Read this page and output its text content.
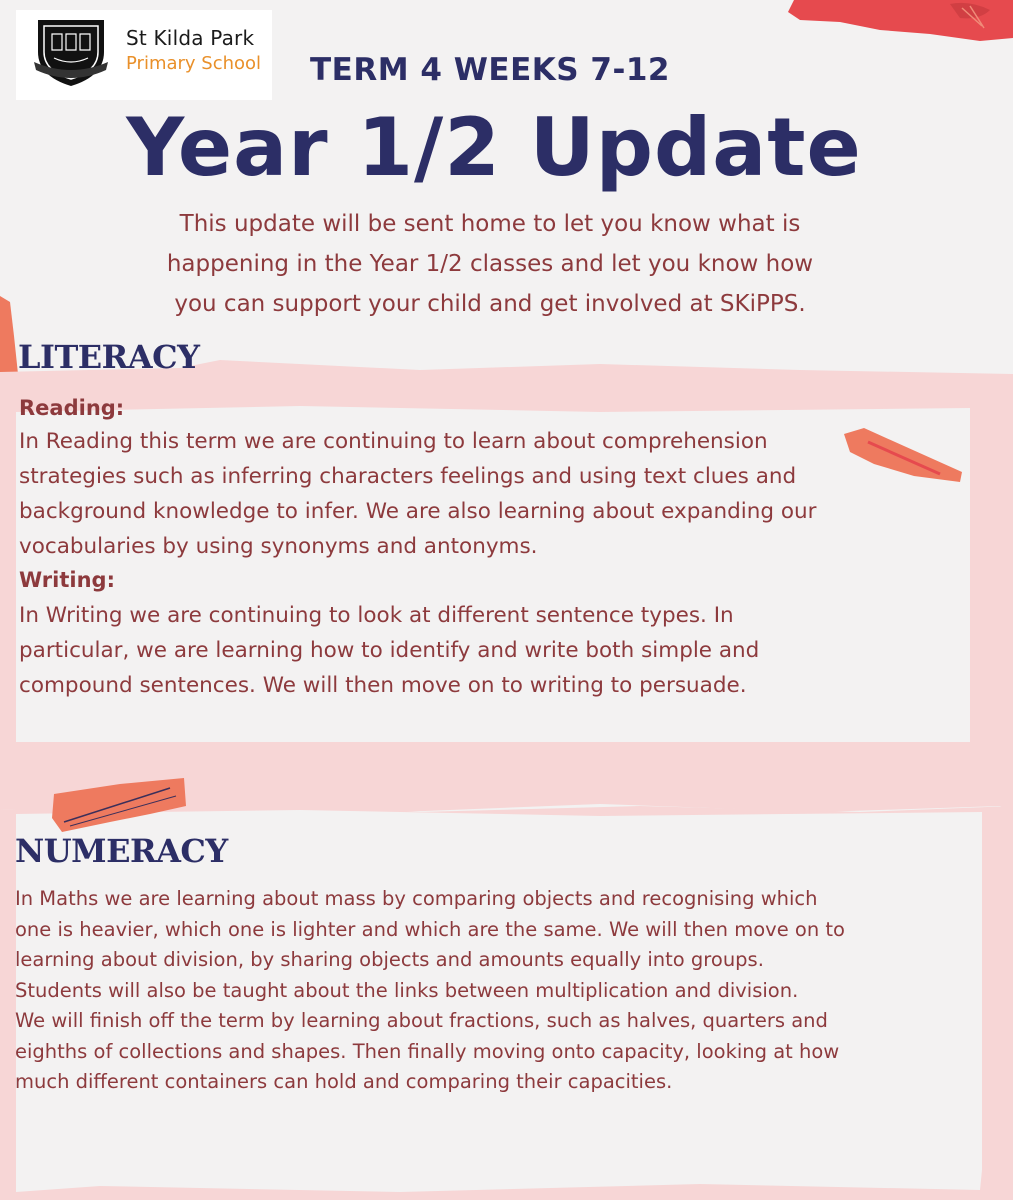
St Kilda Park
Primary School	TERM 4 WEEKS 7-12
Year 1/2 Update
This update will be sent home to let you know what is
happening in the Year 1/2 classes and let you know how
you can support your child and get involved at SKiPPS.
LITERACY
Reading:
In Reading this term we are continuing to learn about comprehension
strategies such as inferring characters feelings and using text clues and
background knowledge to infer. We are also learning about expanding our
vocabularies by using synonyms and antonyms.
Writing:
In Writing we are continuing to look at different sentence types. In
particular, we are learning how to identify and write both simple and
compound sentences. We will then move on to writing to persuade.
NUMERACY
In Maths we are learning about mass by comparing objects and recognising which
one is heavier, which one is lighter and which are the same. We will then move on to
learning about division, by sharing objects and amounts equally into groups.
Students will also be taught about the links between multiplication and division.
We will finish off the term by learning about fractions, such as halves, quarters and
eighths of collections and shapes. Then finally moving onto capacity, looking at how
much different containers can hold and comparing their capacities.
